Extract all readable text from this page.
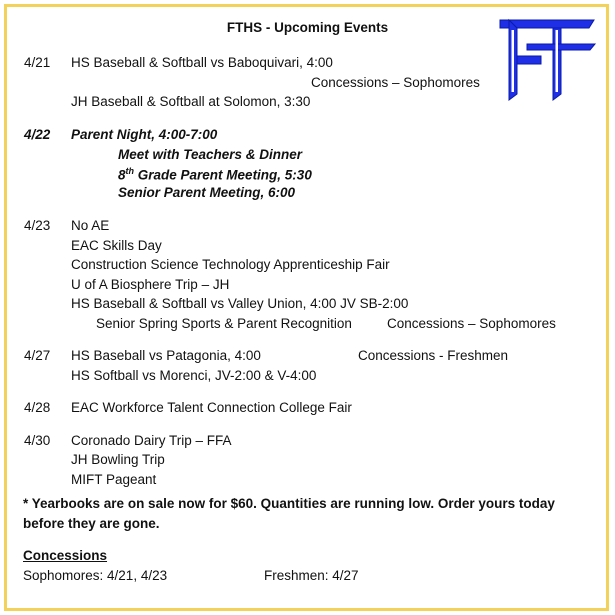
FTHS - Upcoming Events
4/21 HS Baseball & Softball vs Baboquivari, 4:00
Concessions – Sophomores
JH Baseball & Softball at Solomon, 3:30
4/22 Parent Night, 4:00-7:00
Meet with Teachers & Dinner
8th Grade Parent Meeting, 5:30
Senior Parent Meeting, 6:00
4/23 No AE
EAC Skills Day
Construction Science Technology Apprenticeship Fair
U of A Biosphere Trip – JH
HS Baseball & Softball vs Valley Union, 4:00 JV SB-2:00
Senior Spring Sports & Parent Recognition	Concessions – Sophomores
4/27 HS Baseball vs Patagonia, 4:00	Concessions - Freshmen
HS Softball vs Morenci, JV-2:00 & V-4:00
4/28 EAC Workforce Talent Connection College Fair
4/30 Coronado Dairy Trip – FFA
JH Bowling Trip
MIFT Pageant
* Yearbooks are on sale now for $60. Quantities are running low. Order yours today
before they are gone.
Concessions
Sophomores: 4/21, 4/23	Freshmen: 4/27
